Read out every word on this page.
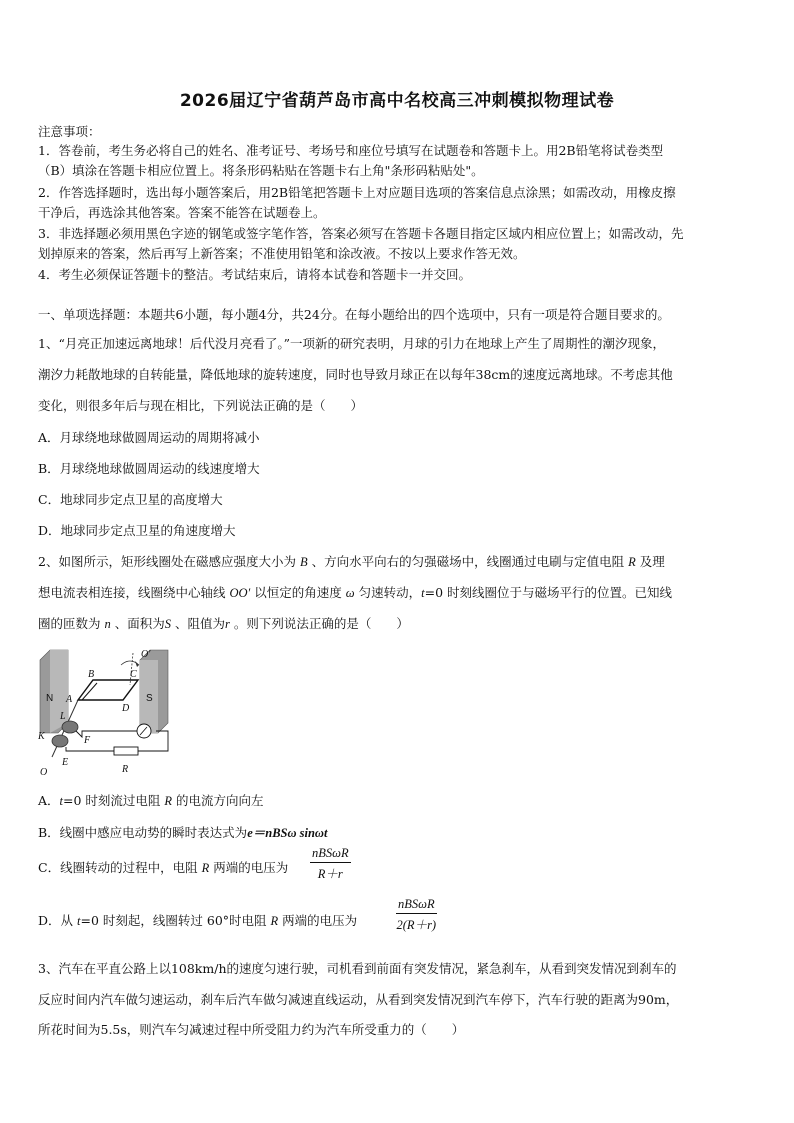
2026届辽宁省葫芦岛市高中名校高三冲刺模拟物理试卷
注意事项：
1．答卷前，考生务必将自己的姓名、准考证号、考场号和座位号填写在试题卷和答题卡上。用2B铅笔将试卷类型
（B）填涂在答题卡相应位置上。将条形码粘贴在答题卡右上角"条形码粘贴处"。
2．作答选择题时，选出每小题答案后，用2B铅笔把答题卡上对应题目选项的答案信息点涂黑；如需改动，用橡皮擦
干净后，再选涂其他答案。答案不能答在试题卷上。
3．非选择题必须用黑色字迹的钢笔或签字笔作答，答案必须写在答题卡各题目指定区域内相应位置上；如需改动，先
划掉原来的答案，然后再写上新答案；不准使用铅笔和涂改液。不按以上要求作答无效。
4．考生必须保证答题卡的整洁。考试结束后，请将本试卷和答题卡一并交回。
一、单项选择题：本题共6小题，每小题4分，共24分。在每小题给出的四个选项中，只有一项是符合题目要求的。
1、“月亮正加速远离地球！后代没月亮看了。”一项新的研究表明，月球的引力在地球上产生了周期性的潮汐现象，
潮汐力耗散地球的自转能量，降低地球的旋转速度，同时也导致月球正在以每年38cm的速度远离地球。不考虑其他
变化，则很多年后与现在相比，下列说法正确的是（　　）
A．月球绕地球做圆周运动的周期将减小
B．月球绕地球做圆周运动的线速度增大
C．地球同步定点卫星的高度增大
D．地球同步定点卫星的角速度增大
2、如图所示，矩形线圈处在磁感应强度大小为 B 、方向水平向右的匀强磁场中，线圈通过电刷与定值电阻 R 及理
想电流表相连接，线圈绕中心轴线 OO′ 以恒定的角速度 ω 匀速转动，t=0 时刻线圈位于与磁场平行的位置。已知线
圈的匝数为 n 、面积为S 、阻值为r 。则下列说法正确的是（　　）
N	S
O′
B
A
C
D
L
K	F
E
O	R
A．t=0 时刻流过电阻 R 的电流方向向左
B．线圈中感应电动势的瞬时表达式为e＝nBSω sinωt
C．线圈转动的过程中，电阻 R 两端的电压为
nBSωR
R＋r
D．从 t=0 时刻起，线圈转过 60°时电阻 R 两端的电压为
nBSωR
2(R＋r)
3、汽车在平直公路上以108km/h的速度匀速行驶，司机看到前面有突发情况，紧急刹车，从看到突发情况到刹车的
反应时间内汽车做匀速运动，刹车后汽车做匀减速直线运动，从看到突发情况到汽车停下，汽车行驶的距离为90m，
所花时间为5.5s，则汽车匀减速过程中所受阻力约为汽车所受重力的（　　）
